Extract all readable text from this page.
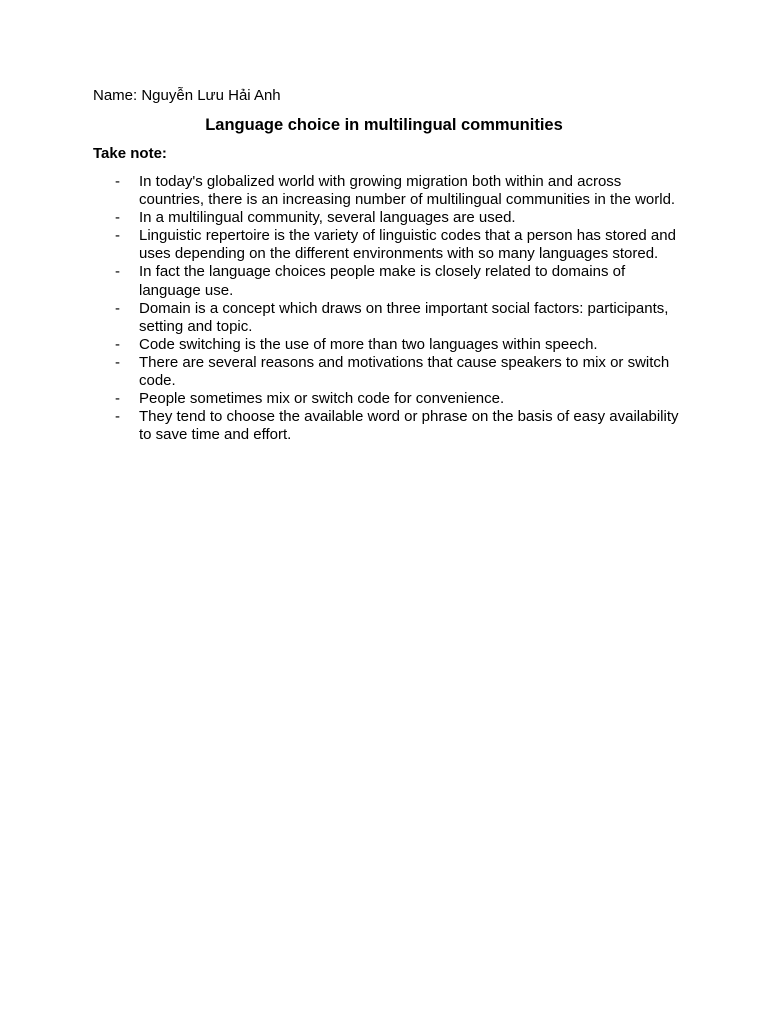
Name: Nguyễn Lưu Hải Anh
Language choice in multilingual communities
Take note:
- In today's globalized world with growing migration both within and across countries, there is an increasing number of multilingual communities in the world.
- In a multilingual community, several languages are used.
- Linguistic repertoire is the variety of linguistic codes that a person has stored and uses depending on the different environments with so many languages stored.
- In fact the language choices people make is closely related to domains of language use.
- Domain is a concept which draws on three important social factors: participants, setting and topic.
- Code switching is the use of more than two languages within speech.
- There are several reasons and motivations that cause speakers to mix or switch code.
- People sometimes mix or switch code for convenience.
- They tend to choose the available word or phrase on the basis of easy availability to save time and effort.
